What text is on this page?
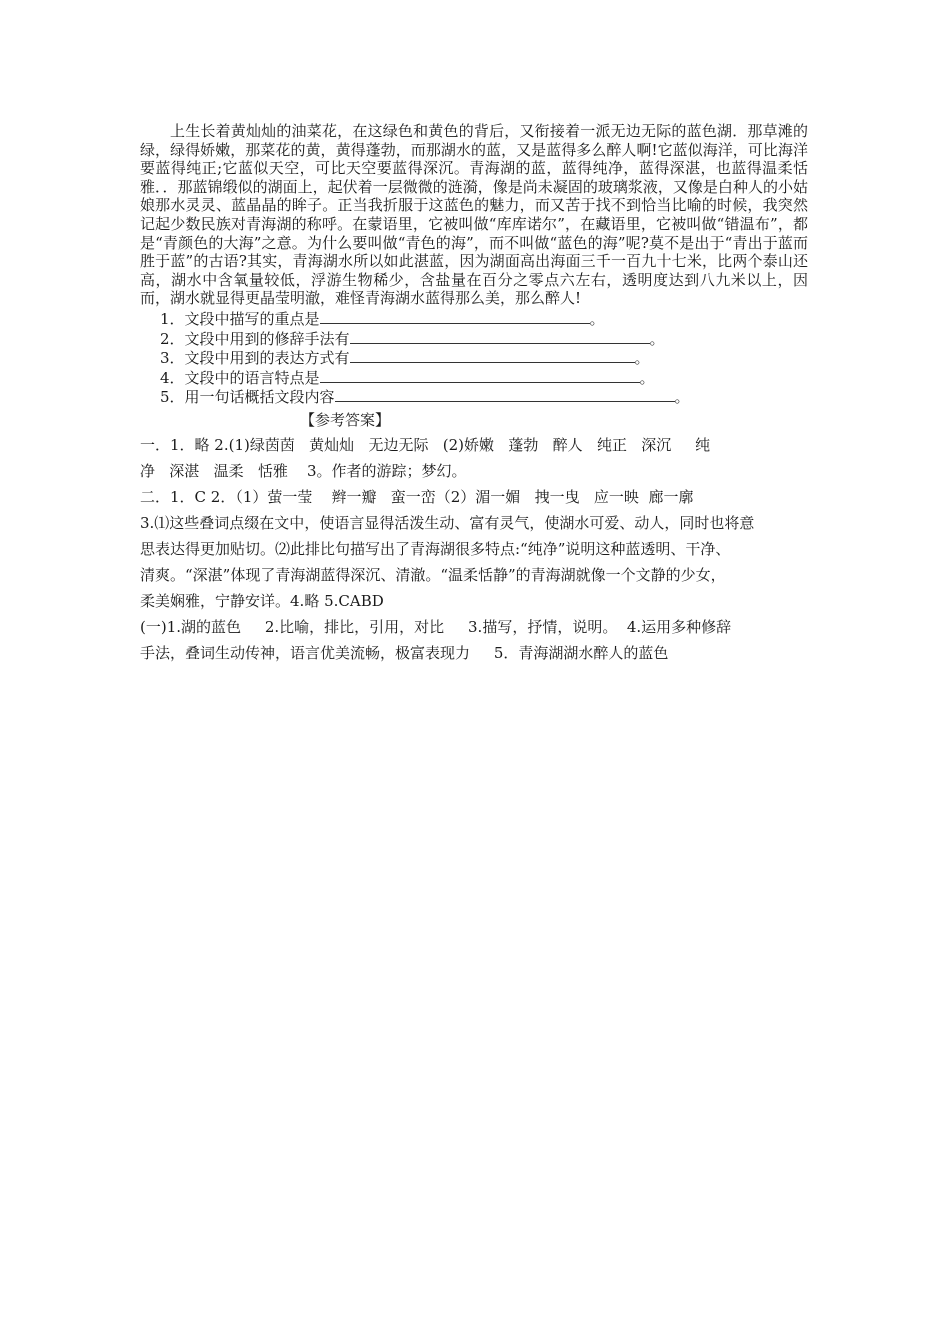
上生长着黄灿灿的油菜花，在这绿色和黄色的背后，又衔接着一派无边无际的蓝色湖．那草滩的绿，绿得娇嫩，那菜花的黄，黄得蓬勃，而那湖水的蓝，又是蓝得多么醉人啊!它蓝似海洋，可比海洋要蓝得纯正;它蓝似天空，可比天空要蓝得深沉。青海湖的蓝，蓝得纯净，蓝得深湛，也蓝得温柔恬雅．．那蓝锦缎似的湖面上，起伏着一层微微的涟漪，像是尚未凝固的玻璃浆液，又像是白种人的小姑娘那水灵灵、蓝晶晶的眸子。正当我折服于这蓝色的魅力，而又苦于找不到恰当比喻的时候，我突然记起少数民族对青海湖的称呼。在蒙语里，它被叫做“库库诺尔”，在藏语里，它被叫做“错温布”，都是“青颜色的大海”之意。为什么要叫做“青色的海”，而不叫做“蓝色的海”呢?莫不是出于“青出于蓝而胜于蓝”的古语?其实，青海湖水所以如此湛蓝，因为湖面高出海面三千一百九十七米，比两个泰山还高，湖水中含氧量较低，浮游生物稀少，含盐量在百分之零点六左右，透明度达到八九米以上，因而，湖水就显得更晶莹明澈，难怪青海湖水蓝得那么美，那么醉人!

1．文段中描写的重点是	。
2．文段中用到的修辞手法有	。
3．文段中用到的表达方式有	。
4．文段中的语言特点是	。
5．用一句话概括文段内容	。
【参考答案】
一．1．略 2.(1)绿茵茵   黄灿灿   无边无际   (2)娇嫩   蓬勃   醉人   纯正   深沉     纯
净   深湛   温柔   恬雅    3。作者的游踪；梦幻。
二．1．C 2．（1）萤一莹    辫一瓣   蛮一峦（2）湄一媚   拽一曳   应一映  廊一廓
3.⑴这些叠词点缀在文中，使语言显得活泼生动、富有灵气，使湖水可爱、动人，同时也将意
思表达得更加贴切。⑵此排比句描写出了青海湖很多特点:“纯净”说明这种蓝透明、干净、
清爽。“深湛”体现了青海湖蓝得深沉、清澈。“温柔恬静”的青海湖就像一个文静的少女，
柔美娴雅，宁静安详。4.略 5.CABD
(一)1.湖的蓝色     2.比喻，排比，引用，对比     3.描写，抒情，说明。  4.运用多种修辞
手法，叠词生动传神，语言优美流畅，极富表现力     5．青海湖湖水醉人的蓝色
